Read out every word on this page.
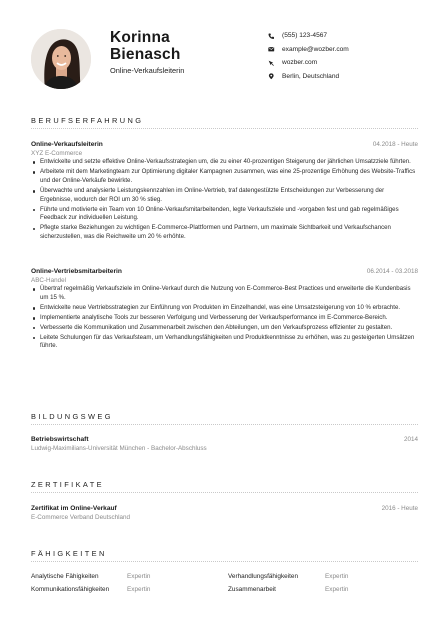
Korinna
Bienasch
Online-Verkaufsleiterin
(555) 123-4567
example@wozber.com
wozber.com
Berlin, Deutschland
BERUFSERFAHRUNG
Online-Verkaufsleiterin	04.2018 - Heute
XYZ E-Commerce
Entwickelte und setzte effektive Online-Verkaufsstrategien um, die zu einer 40-prozentigen Steigerung der jährlichen Umsatzziele führten.
Arbeitete mit dem Marketingteam zur Optimierung digitaler Kampagnen zusammen, was eine 25-prozentige Erhöhung des Website-Traffics und der Online-Verkäufe bewirkte.
Überwachte und analysierte Leistungskennzahlen im Online-Vertrieb, traf datengestützte Entscheidungen zur Verbesserung der Ergebnisse, wodurch der ROI um 30 % stieg.
Führte und motivierte ein Team von 10 Online-Verkaufsmitarbeitenden, legte Verkaufsziele und -vorgaben fest und gab regelmäßiges Feedback zur individuellen Leistung.
Pflegte starke Beziehungen zu wichtigen E-Commerce-Plattformen und Partnern, um maximale Sichtbarkeit und Verkaufschancen sicherzustellen, was die Reichweite um 20 % erhöhte.
Online-Vertriebsmitarbeiterin	06.2014 - 03.2018
ABC-Handel
Übertraf regelmäßig Verkaufsziele im Online-Verkauf durch die Nutzung von E-Commerce-Best Practices und erweiterte die Kundenbasis um 15 %.
Entwickelte neue Vertriebsstrategien zur Einführung von Produkten im Einzelhandel, was eine Umsatzsteigerung von 10 % erbrachte.
Implementierte analytische Tools zur besseren Verfolgung und Verbesserung der Verkaufsperformance im E-Commerce-Bereich.
Verbesserte die Kommunikation und Zusammenarbeit zwischen den Abteilungen, um den Verkaufsprozess effizienter zu gestalten.
Leitete Schulungen für das Verkaufsteam, um Verhandlungsfähigkeiten und Produktkenntnisse zu erhöhen, was zu gesteigerten Umsätzen führte.
BILDUNGSWEG
Betriebswirtschaft	2014
Ludwig-Maximilians-Universität München - Bachelor-Abschluss
ZERTIFIKATE
Zertifikat im Online-Verkauf	2016 - Heute
E-Commerce Verband Deutschland
FÄHIGKEITEN
Analytische Fähigkeiten	Expertin	Verhandlungsfähigkeiten	Expertin
Kommunikationsfähigkeiten	Expertin	Zusammenarbeit	Expertin
